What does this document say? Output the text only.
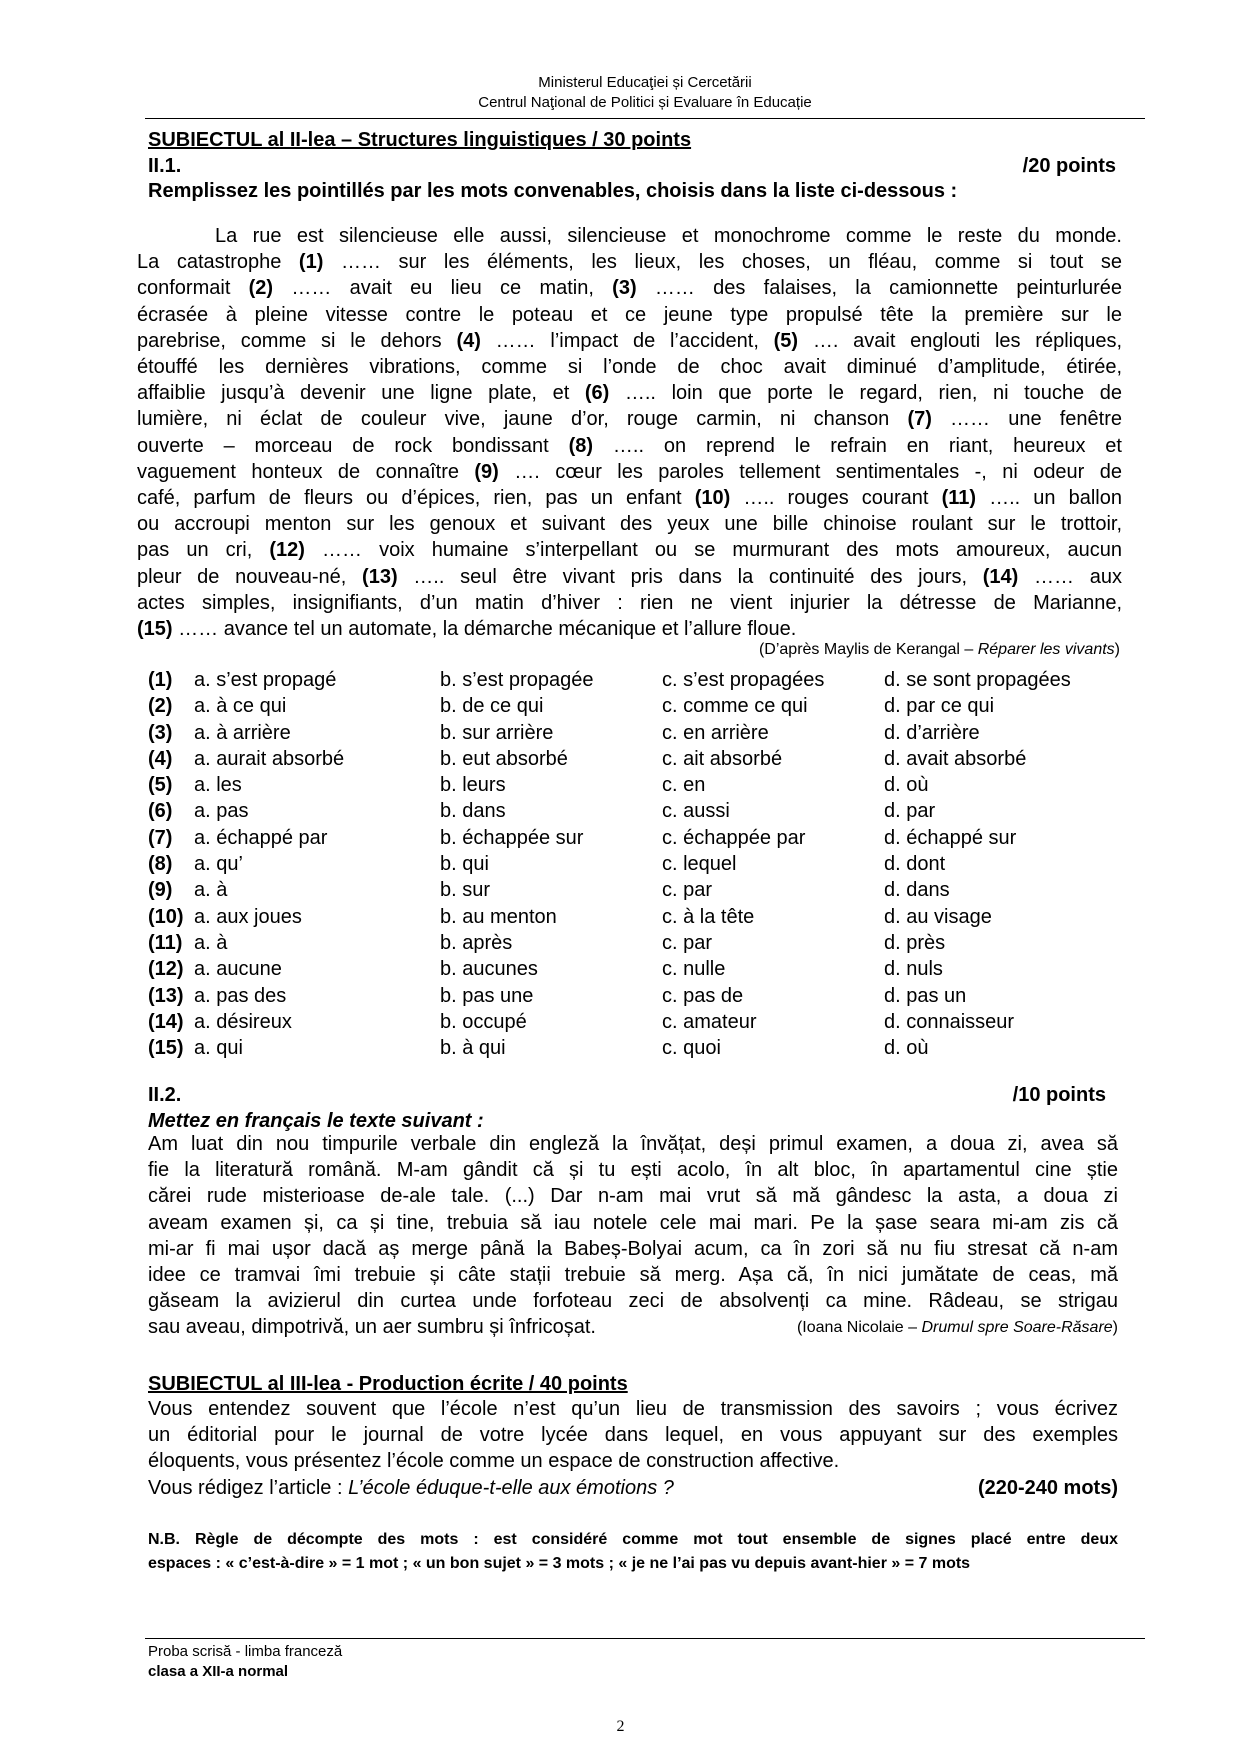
Ministerul Educaţiei și Cercetării
Centrul Naţional de Politici și Evaluare în Educație
SUBIECTUL al II-lea – Structures linguistiques / 30 points
II.1.	/20 points
Remplissez les pointillés par les mots convenables, choisis dans la liste ci-dessous :
La rue est silencieuse elle aussi, silencieuse et monochrome comme le reste du monde.
La catastrophe (1) …… sur les éléments, les lieux, les choses, un fléau, comme si tout se
conformait (2) …… avait eu lieu ce matin, (3) …… des falaises, la camionnette peinturlurée
écrasée à pleine vitesse contre le poteau et ce jeune type propulsé tête la première sur le
parebrise, comme si le dehors (4) …… l’impact de l’accident, (5) …. avait englouti les répliques,
étouffé les dernières vibrations, comme si l’onde de choc avait diminué d’amplitude, étirée,
affaiblie jusqu’à devenir une ligne plate, et (6) ….. loin que porte le regard, rien, ni touche de
lumière, ni éclat de couleur vive, jaune d’or, rouge carmin, ni chanson (7) …… une fenêtre
ouverte – morceau de rock bondissant (8) ….. on reprend le refrain en riant, heureux et
vaguement honteux de connaître (9) …. cœur les paroles tellement sentimentales -, ni odeur de
café, parfum de fleurs ou d’épices, rien, pas un enfant (10) ….. rouges courant (11) ….. un ballon
ou accroupi menton sur les genoux et suivant des yeux une bille chinoise roulant sur le trottoir,
pas un cri, (12) …… voix humaine s’interpellant ou se murmurant des mots amoureux, aucun
pleur de nouveau-né, (13) ….. seul être vivant pris dans la continuité des jours, (14) …… aux
actes simples, insignifiants, d’un matin d’hiver : rien ne vient injurier la détresse de Marianne,
(15) …… avance tel un automate, la démarche mécanique et l’allure floue.
(D’après Maylis de Kerangal – Réparer les vivants)
(1)	a. s’est propagé	b. s’est propagée	c. s’est propagées	d. se sont propagées
(2)	a. à ce qui	b. de ce qui	c. comme ce qui	d. par ce qui
(3)	a. à arrière	b. sur arrière	c. en arrière	d. d’arrière
(4)	a. aurait absorbé	b. eut absorbé	c. ait absorbé	d. avait absorbé
(5)	a. les	b. leurs	c. en	d. où
(6)	a. pas	b. dans	c. aussi	d. par
(7)	a. échappé par	b. échappée sur	c. échappée par	d. échappé sur
(8)	a. qu’	b. qui	c. lequel	d. dont
(9)	a. à	b. sur	c. par	d. dans
(10) a. aux joues	b. au menton	c. à la tête	d. au visage
(11) a. à	b. après	c. par	d. près
(12) a. aucune	b. aucunes	c. nulle	d. nuls
(13) a. pas des	b. pas une	c. pas de	d. pas un
(14) a. désireux	b. occupé	c. amateur	d. connaisseur
(15) a. qui	b. à qui	c. quoi	d. où
II.2.	/10 points
Mettez en français le texte suivant :
Am luat din nou timpurile verbale din engleză la învățat, deși primul examen, a doua zi, avea să
fie la literatură română. M-am gândit că și tu ești acolo, în alt bloc, în apartamentul cine știe
cărei rude misterioase de-ale tale. (...) Dar n-am mai vrut să mă gândesc la asta, a doua zi
aveam examen și, ca și tine, trebuia să iau notele cele mai mari. Pe la șase seara mi-am zis că
mi-ar fi mai ușor dacă aș merge până la Babeș-Bolyai acum, ca în zori să nu fiu stresat că n-am
idee ce tramvai îmi trebuie și câte stații trebuie să merg. Așa că, în nici jumătate de ceas, mă
găseam la avizierul din curtea unde forfoteau zeci de absolvenți ca mine. Râdeau, se strigau
sau aveau, dimpotrivă, un aer sumbru și înfricoșat.	(Ioana Nicolaie – Drumul spre Soare-Răsare)
SUBIECTUL al III-lea - Production écrite / 40 points
Vous entendez souvent que l’école n’est qu’un lieu de transmission des savoirs ; vous écrivez
un éditorial pour le journal de votre lycée dans lequel, en vous appuyant sur des exemples
éloquents, vous présentez l’école comme un espace de construction affective.
Vous rédigez l’article : L’école éduque-t-elle aux émotions ?	(220-240 mots)
N.B. Règle de décompte des mots : est considéré comme mot tout ensemble de signes placé entre deux
espaces : « c’est-à-dire » = 1 mot ; « un bon sujet » = 3 mots ; « je ne l’ai pas vu depuis avant-hier » = 7 mots
Proba scrisă - limba franceză
clasa a XII-a normal
2
